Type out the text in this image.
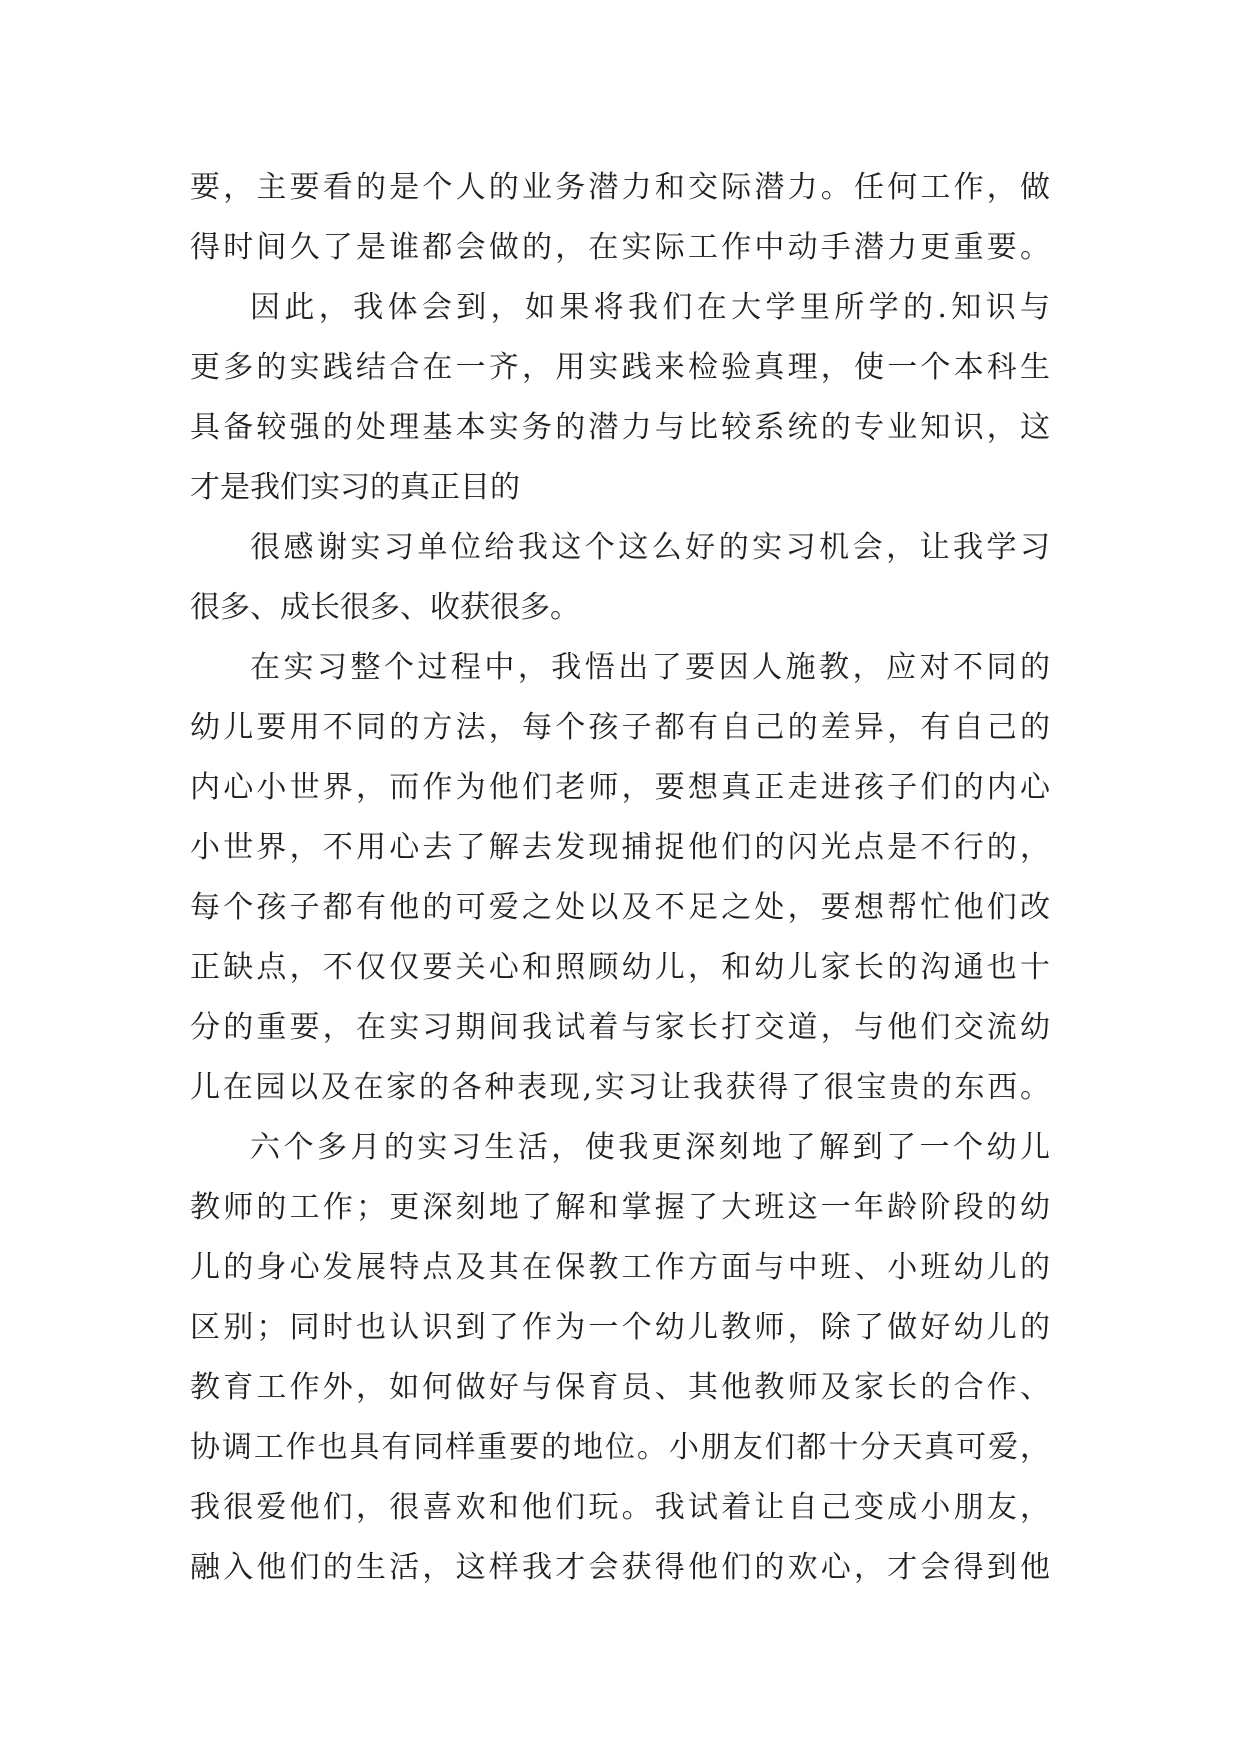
要，主要看的是个人的业务潜力和交际潜力。任何工作，做
得时间久了是谁都会做的，在实际工作中动手潜力更重要。
因此，我体会到，如果将我们在大学里所学的.知识与
更多的实践结合在一齐，用实践来检验真理，使一个本科生
具备较强的处理基本实务的潜力与比较系统的专业知识，这
才是我们实习的真正目的
很感谢实习单位给我这个这么好的实习机会，让我学习
很多、成长很多、收获很多。
在实习整个过程中，我悟出了要因人施教，应对不同的
幼儿要用不同的方法，每个孩子都有自己的差异，有自己的
内心小世界，而作为他们老师，要想真正走进孩子们的内心
小世界，不用心去了解去发现捕捉他们的闪光点是不行的，
每个孩子都有他的可爱之处以及不足之处，要想帮忙他们改
正缺点，不仅仅要关心和照顾幼儿，和幼儿家长的沟通也十
分的重要，在实习期间我试着与家长打交道，与他们交流幼
儿在园以及在家的各种表现,实习让我获得了很宝贵的东西。
六个多月的实习生活，使我更深刻地了解到了一个幼儿
教师的工作；更深刻地了解和掌握了大班这一年龄阶段的幼
儿的身心发展特点及其在保教工作方面与中班、小班幼儿的
区别；同时也认识到了作为一个幼儿教师，除了做好幼儿的
教育工作外，如何做好与保育员、其他教师及家长的合作、
协调工作也具有同样重要的地位。小朋友们都十分天真可爱，
我很爱他们，很喜欢和他们玩。我试着让自己变成小朋友，
融入他们的生活，这样我才会获得他们的欢心，才会得到他
